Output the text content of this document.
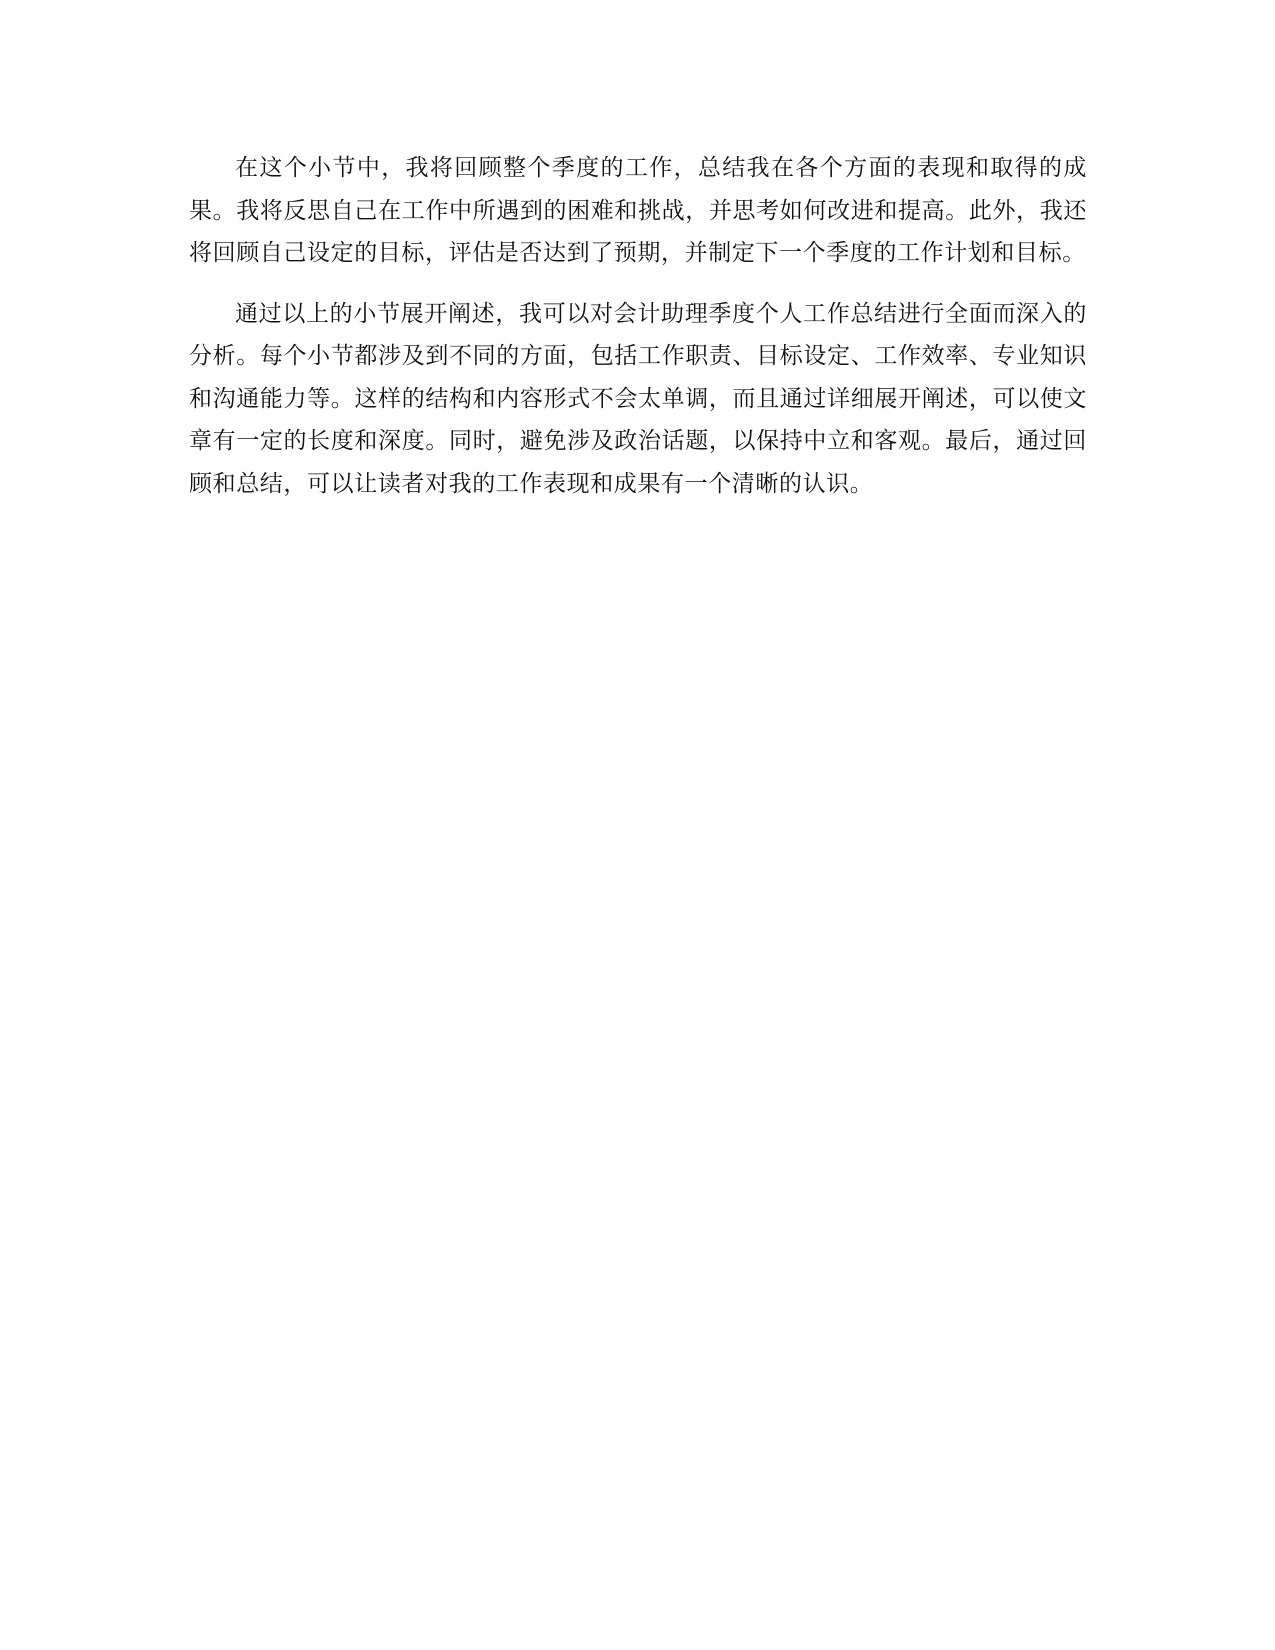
在这个小节中，我将回顾整个季度的工作，总结我在各个方面的表现和取得的成果。我将反思自己在工作中所遇到的困难和挑战，并思考如何改进和提高。此外，我还将回顾自己设定的目标，评估是否达到了预期，并制定下一个季度的工作计划和目标。

通过以上的小节展开阐述，我可以对会计助理季度个人工作总结进行全面而深入的分析。每个小节都涉及到不同的方面，包括工作职责、目标设定、工作效率、专业知识和沟通能力等。这样的结构和内容形式不会太单调，而且通过详细展开阐述，可以使文章有一定的长度和深度。同时，避免涉及政治话题，以保持中立和客观。最后，通过回顾和总结，可以让读者对我的工作表现和成果有一个清晰的认识。
